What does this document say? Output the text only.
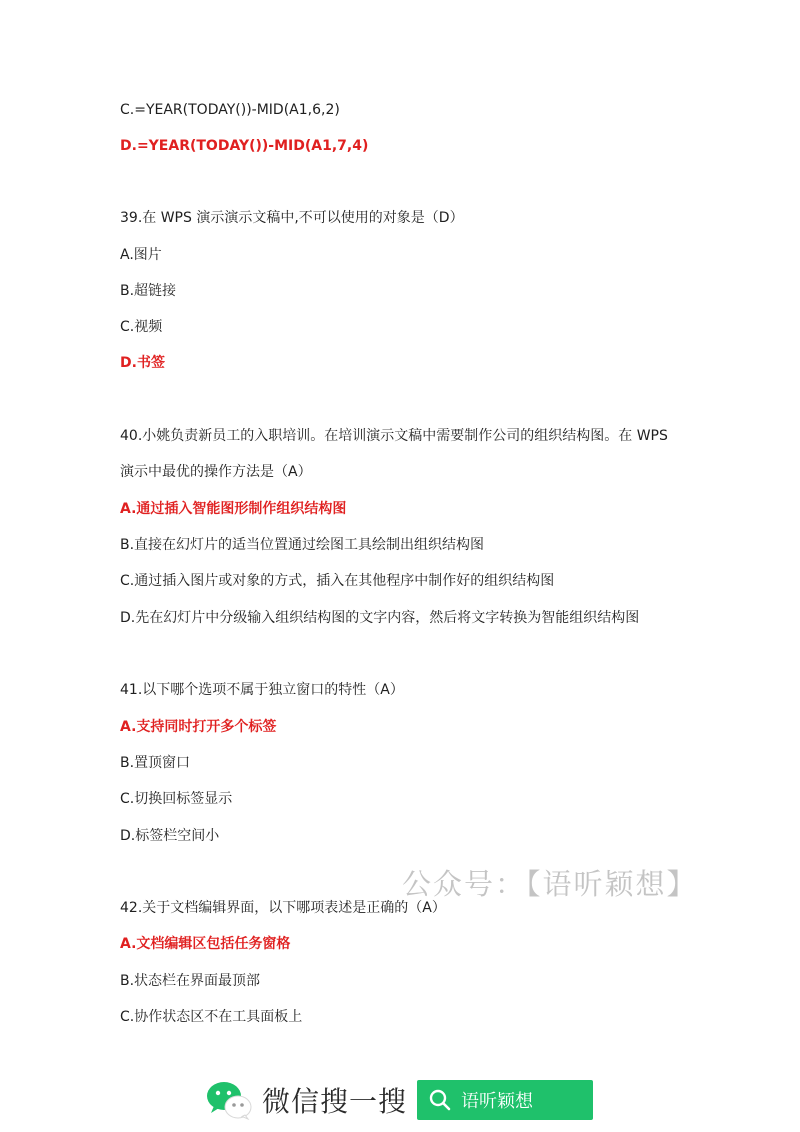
C.=YEAR(TODAY())-MID(A1,6,2)
D.=YEAR(TODAY())-MID(A1,7,4)
39.在 WPS 演示演示文稿中,不可以使用的对象是（D）
A.图片
B.超链接
C.视频
D.书签
40.小姚负责新员工的入职培训。在培训演示文稿中需要制作公司的组织结构图。在 WPS
演示中最优的操作方法是（A）
A.通过插入智能图形制作组织结构图
B.直接在幻灯片的适当位置通过绘图工具绘制出组织结构图
C.通过插入图片或对象的方式，插入在其他程序中制作好的组织结构图
D.先在幻灯片中分级输入组织结构图的文字内容，然后将文字转换为智能组织结构图
41.以下哪个选项不属于独立窗口的特性（A）
A.支持同时打开多个标签
B.置顶窗口
C.切换回标签显示
D.标签栏空间小
42.关于文档编辑界面，以下哪项表述是正确的（A）
A.文档编辑区包括任务窗格
B.状态栏在界面最顶部
C.协作状态区不在工具面板上
公众号：【语听颖想】
微信搜一搜	语听颖想
